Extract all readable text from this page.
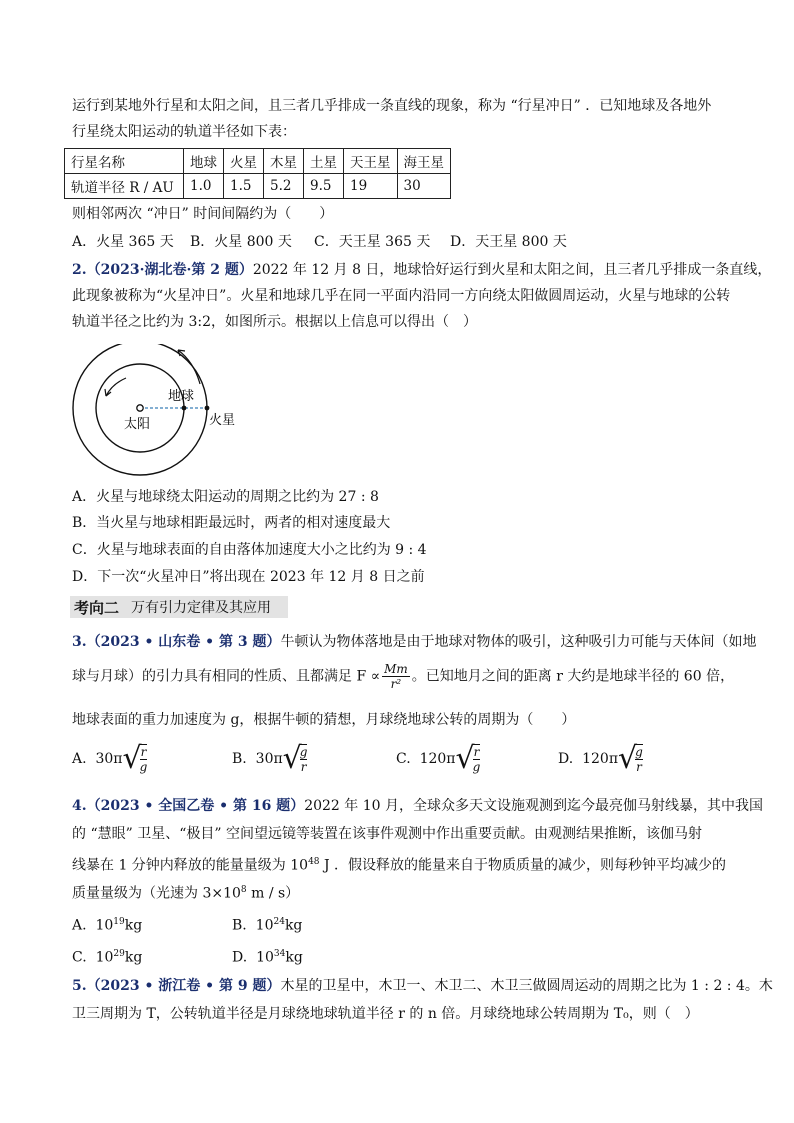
运行到某地外行星和太阳之间，且三者几乎排成一条直线的现象，称为 “行星冲日” ．已知地球及各地外
行星绕太阳运动的轨道半径如下表：
行星名称	地球	火星	木星	土星	天王星	海王星
轨道半径 R / AU	1.0	1.5	5.2	9.5	19	30
则相邻两次 “冲日” 时间间隔约为（　　）
A．火星 365 天 B．火星 800 天 C．天王星 365 天 D．天王星 800 天
2.（2023·湖北卷·第 2 题）2022 年 12 月 8 日，地球恰好运行到火星和太阳之间，且三者几乎排成一条直线，
此现象被称为“火星冲日”。火星和地球几乎在同一平面内沿同一方向绕太阳做圆周运动，火星与地球的公转
轨道半径之比约为 3:2，如图所示。根据以上信息可以得出（　）
地球
太阳	火星
A．火星与地球绕太阳运动的周期之比约为 27 : 8
B．当火星与地球相距最远时，两者的相对速度最大
C．火星与地球表面的自由落体加速度大小之比约为 9 : 4
D．下一次“火星冲日”将出现在 2023 年 12 月 8 日之前
考向二 万有引力定律及其应用
3.（2023 • 山东卷 • 第 3 题）牛顿认为物体落地是由于地球对物体的吸引，这种吸引力可能与天体间（如地
球与月球）的引力具有相同的性质、且都满足 $F \propto \frac{Mm}{\text{r²}}$ 。已知地月之间的距离 r 大约是地球半径的 60 倍，
地球表面的重力加速度为 g，根据牛顿的猜想，月球绕地球公转的周期为（　　）
A. 30π√
$\frac{r}{g}$	B. 30π√
$\frac{g}{r}$	C. 120π√
$\frac{r}{g}$	D. 120π√
$\frac{g}{r}$
4.（2023 • 全国乙卷 • 第 16 题）2022 年 10 月，全球众多天文设施观测到迄今最亮伽马射线暴，其中我国
的 “慧眼” 卫星、“极目” 空间望远镜等装置在该事件观测中作出重要贡献。由观测结果推断，该伽马射
线暴在 1 分钟内释放的能量量级为 $10^{48}$ J ．假设释放的能量来自于物质质量的减少，则每秒钟平均减少的
质量量级为（光速为 $3\times 10^8$ m / s）
A. $10^{19}kg$	B. $10^{24}kg$
C. $10^{29}kg$	D. $10^{34}kg$
5.（2023 • 浙江卷 • 第 9 题）木星的卫星中，木卫一、木卫二、木卫三做圆周运动的周期之比为 1 : 2 : 4。木
卫三周期为 T，公转轨道半径是月球绕地球轨道半径 r 的 n 倍。月球绕地球公转周期为 T₀，则（　）
